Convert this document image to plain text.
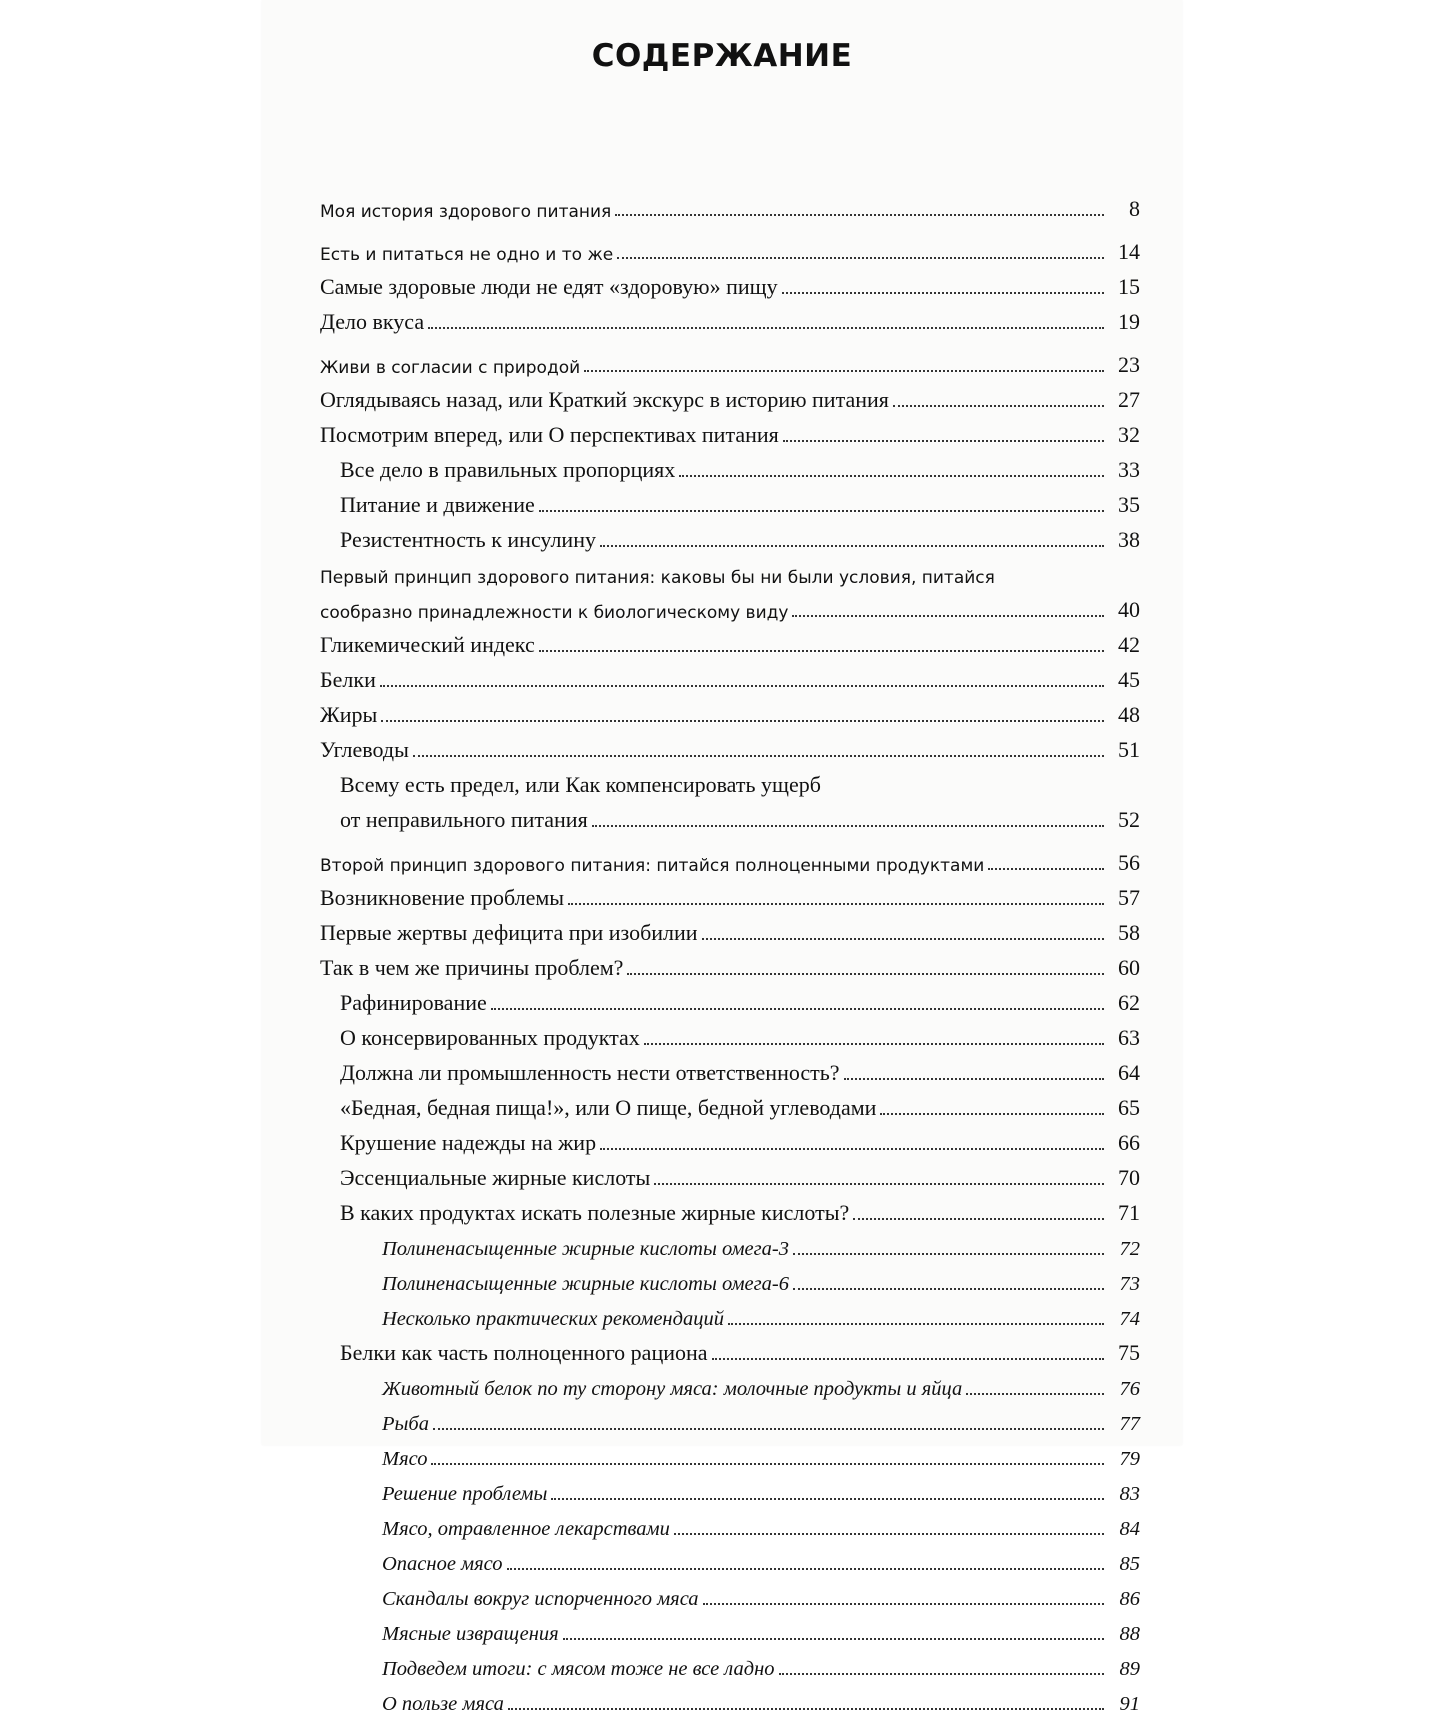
СОДЕРЖАНИЕ
Моя история здорового питания	8
Есть и питаться не одно и то же	14
Самые здоровые люди не едят «здоровую» пищу	15
Дело вкуса	19
Живи в согласии с природой	23
Оглядываясь назад, или Краткий экскурс в историю питания	27
Посмотрим вперед, или О перспективах питания	32
Все дело в правильных пропорциях	33
Питание и движение	35
Резистентность к инсулину	38
Первый принцип здорового питания: каковы бы ни были условия, питайся
сообразно принадлежности к биологическому виду	40
Гликемический индекс	42
Белки	45
Жиры	48
Углеводы	51
Всему есть предел, или Как компенсировать ущерб
от неправильного питания	52
Второй принцип здорового питания: питайся полноценными продуктами	56
Возникновение проблемы	57
Первые жертвы дефицита при изобилии	58
Так в чем же причины проблем?	60
Рафинирование	62
О консервированных продуктах	63
Должна ли промышленность нести ответственность?	64
«Бедная, бедная пища!», или О пище, бедной углеводами	65
Крушение надежды на жир	66
Эссенциальные жирные кислоты	70
В каких продуктах искать полезные жирные кислоты?	71
Полиненасыщенные жирные кислоты омега-3	72
Полиненасыщенные жирные кислоты омега-6	73
Несколько практических рекомендаций	74
Белки как часть полноценного рациона	75
Животный белок по ту сторону мяса: молочные продукты и яйца	76
Рыба	77
Мясо	79
Решение проблемы	83
Мясо, отравленное лекарствами	84
Опасное мясо	85
Скандалы вокруг испорченного мяса	86
Мясные извращения	88
Подведем итоги: с мясом тоже не все ладно	89
О пользе мяса	91
